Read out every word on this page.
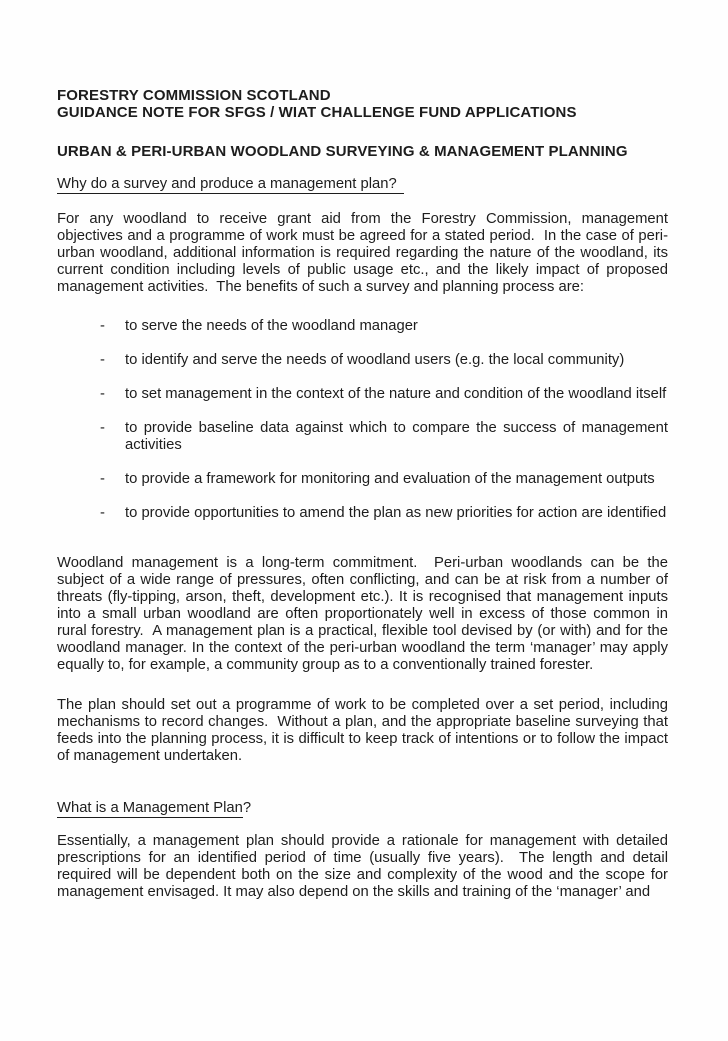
FORESTRY COMMISSION SCOTLAND
GUIDANCE NOTE FOR SFGS / WIAT CHALLENGE FUND APPLICATIONS
URBAN & PERI-URBAN WOODLAND SURVEYING & MANAGEMENT PLANNING
Why do a survey and produce a management plan?

For any woodland to receive grant aid from the Forestry Commission, management objectives and a programme of work must be agreed for a stated period.  In the case of peri-urban woodland, additional information is required regarding the nature of the woodland, its current condition including levels of public usage etc., and the likely impact of proposed management activities.  The benefits of such a survey and planning process are:

- to serve the needs of the woodland manager
- to identify and serve the needs of woodland users (e.g. the local community)
- to set management in the context of the nature and condition of the woodland itself
- to provide baseline data against which to compare the success of management activities
- to provide a framework for monitoring and evaluation of the management outputs
- to provide opportunities to amend the plan as new priorities for action are identified

Woodland management is a long-term commitment.  Peri-urban woodlands can be the subject of a wide range of pressures, often conflicting, and can be at risk from a number of threats (fly-tipping, arson, theft, development etc.). It is recognised that management inputs into a small urban woodland are often proportionately well in excess of those common in rural forestry.  A management plan is a practical, flexible tool devised by (or with) and for the woodland manager. In the context of the peri-urban woodland the term ‘manager’ may apply equally to, for example, a community group as to a conventionally trained forester.

The plan should set out a programme of work to be completed over a set period, including mechanisms to record changes.  Without a plan, and the appropriate baseline surveying that feeds into the planning process, it is difficult to keep track of intentions or to follow the impact of management undertaken.

What is a Management Plan?

Essentially, a management plan should provide a rationale for management with detailed prescriptions for an identified period of time (usually five years).  The length and detail required will be dependent both on the size and complexity of the wood and the scope for management envisaged. It may also depend on the skills and training of the ‘manager’ and
